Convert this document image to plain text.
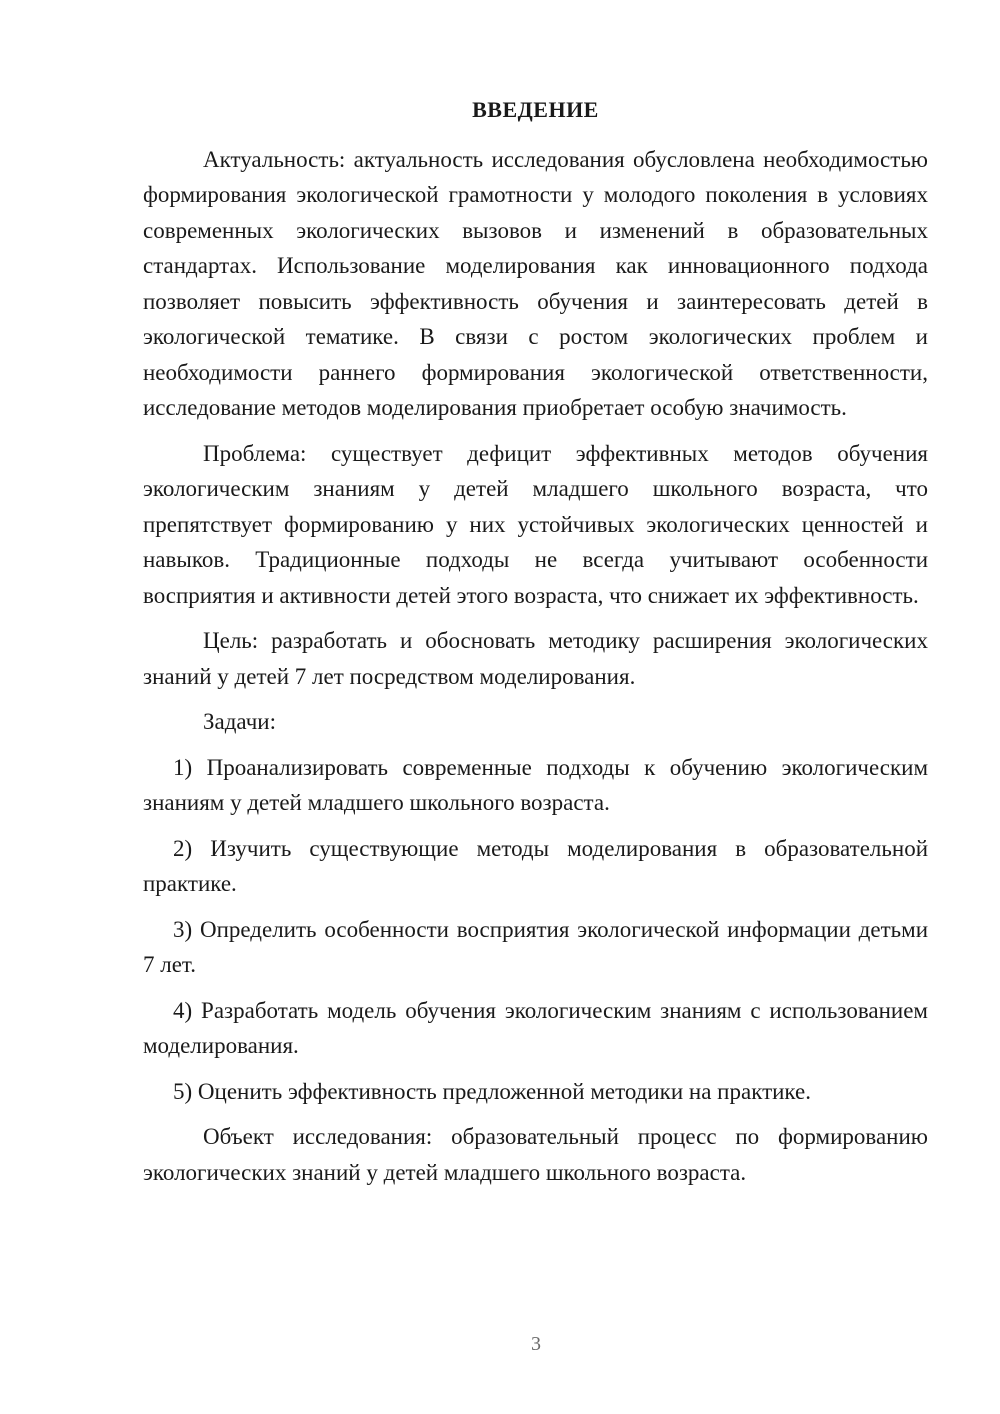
ВВЕДЕНИЕ

Актуальность: актуальность исследования обусловлена необходимостью формирования экологической грамотности у молодого поколения в условиях современных экологических вызовов и изменений в образовательных стандартах. Использование моделирования как инновационного подхода позволяет повысить эффективность обучения и заинтересовать детей в экологической тематике. В связи с ростом экологических проблем и необходимости раннего формирования экологической ответственности, исследование методов моделирования приобретает особую значимость.

Проблема: существует дефицит эффективных методов обучения экологическим знаниям у детей младшего школьного возраста, что препятствует формированию у них устойчивых экологических ценностей и навыков. Традиционные подходы не всегда учитывают особенности восприятия и активности детей этого возраста, что снижает их эффективность.

Цель: разработать и обосновать методику расширения экологических знаний у детей 7 лет посредством моделирования.

Задачи:

1) Проанализировать современные подходы к обучению экологическим знаниям у детей младшего школьного возраста.

2) Изучить существующие методы моделирования в образовательной практике.

3) Определить особенности восприятия экологической информации детьми 7 лет.

4) Разработать модель обучения экологическим знаниям с использованием моделирования.

5) Оценить эффективность предложенной методики на практике.

Объект исследования: образовательный процесс по формированию экологических знаний у детей младшего школьного возраста.

3
